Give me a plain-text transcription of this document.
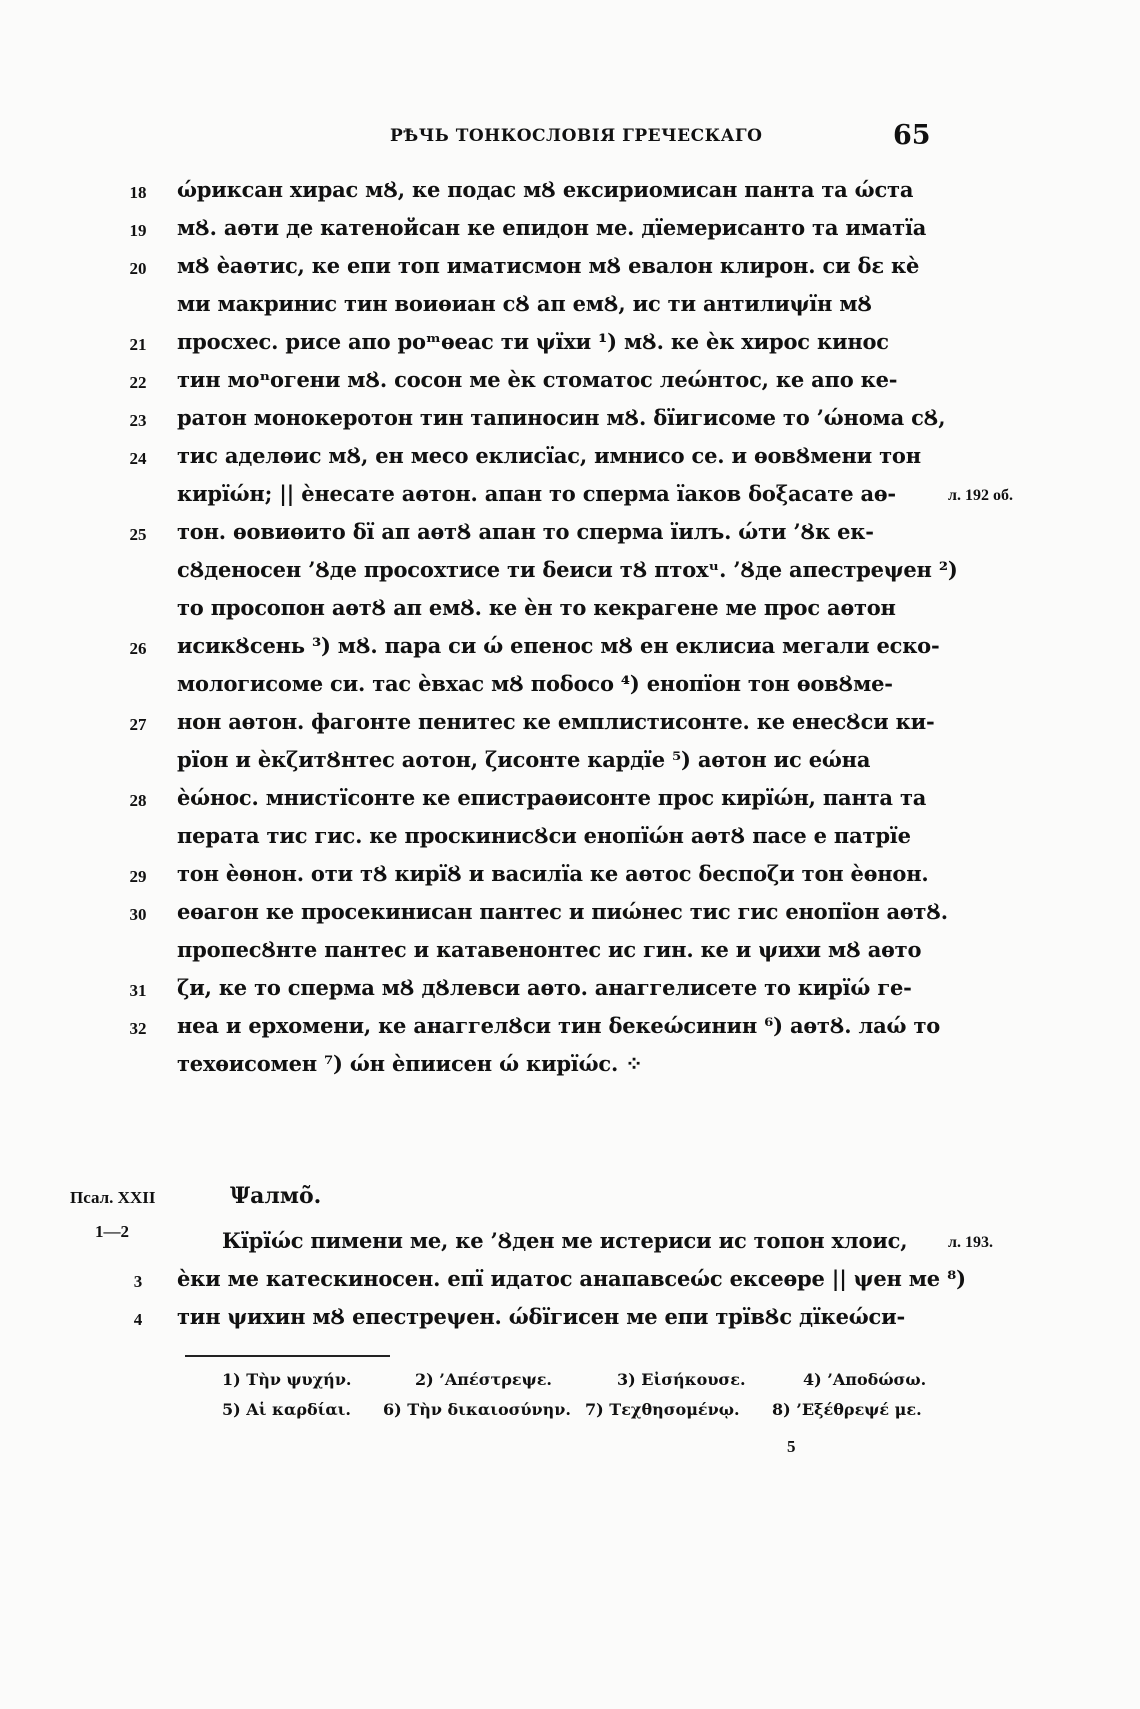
РѢЧЬ ТОНКОСЛОВІЯ ГРЕЧЕСКАГО	65
18	ώриксан хирас мȢ, ке подас мȢ ексириомисан панта та ώста
19	мȢ. аѳти де катенойсан ке епидон ме. дїемерисанто та иматїа
20	мȢ ѐаѳтис, ке епи топ иматисмон мȢ евалон клирон. си δε кѐ
ми макринис тин воиѳиан сȢ ап емȢ, ис ти антилиψїн мȢ
21	просхес. рисе апо роᵐѳеас ти ψїхи ¹) мȢ. ке ѐк хирос кинос
22	тин моⁿогени мȢ. сосон ме ѐк стоматос леώнтос, ке апо ке-
23	ратон монокеротон тин тапиносин мȢ. δїигисоме то ’ώнома сȢ,
24	тис аделѳис мȢ, ен месо еклисїас, имнисо се. и ѳовȢмени тон
кирїώн; || ѐнесате аѳтон. апан то сперма їаков δοξасате аѳ-	л. 192 об.
25	тон. ѳовиѳито δї ап аѳтȢ апан то сперма їилъ. ώти ’Ȣк ек-
сȢденосен ’Ȣде просохтисе ти δеиси тȢ птохᵘ. ’Ȣде апестреψен ²)
то просопон аѳтȢ ап емȢ. ке ѐн то кекрагене ме прос аѳтон
26	исикȢсень ³) мȢ. пара си ώ епенос мȢ ен еклисиа мегали еско-
мологисоме си. тас ѐвхас мȢ ποδοсо ⁴) енопїон тон ѳовȢме-
27	нон аѳтон. фагонте пенитес ке емплистисонте. ке енесȢси ки-
рїон и ѐкζитȢнтес аотон, ζисонте кардїе ⁵) аѳтон ис еώна
28	ѐώнос. мнистїсонте ке епистраѳисонте прос кирїώн, панта та
перата тис гис. ке проскинисȢси енопїώн аѳтȢ пасе е патрїе
29	тон ѐѳнон. оти тȢ кирїȢ и василїа ке аѳтос δеспоζи тон ѐѳнон.
30	еѳагон ке просекинисан пантес и пиώнес тис гис енопїон аѳтȢ.
пропесȢнте пантес и катавенонтес ис гин. ке и ψихи мȢ аѳто
31	ζи, ке то сперма мȢ дȢлевси аѳто. анаггелисете то кирїώ ге-
32	неа и ерхомени, ке анаггелȢси тин δекеώсинин ⁶) аѳтȢ. лаώ то
техѳисомен ⁷) ώн ѐпиисен ώ кирїώс. ⁘
Псал. XXII
1—2
Ψалмо̃.
Кїрїώс пимени ме, ке ’Ȣден ме истериси ис топон хлоис,	л. 193.
3	ѐки ме катескиносен. епї идатос анапавсеώс ексеѳре || ψен ме ⁸)
4	тин ψихин мȢ епестреψен. ώδїгисен ме епи трївȢс дїкеώси-
1) Τὴν ψυχήν.	2) ’Απέστρεψε.	3) Εἰσήκουσε.	4) ’Αποδώσω.
5) Αἱ καρδίαι. 6) Τὴν δικαιοσύνην. 7) Τεχθησομένῳ. 8) ’Εξέθρεψέ με.
5
